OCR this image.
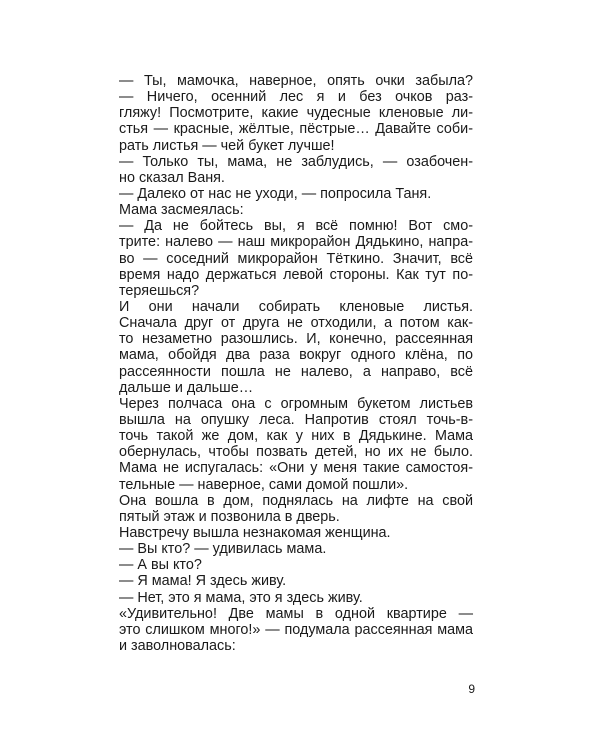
— Ты, мамочка, наверное, опять очки забыла?
— Ничего, осенний лес я и без очков раз-
гляжу! Посмотрите, какие чудесные кленовые ли-
стья — красные, жёлтые, пёстрые… Давайте соби-
рать листья — чей букет лучше!
— Только ты, мама, не заблудись, — озабочен-
но сказал Ваня.
— Далеко от нас не уходи, — попросила Таня.
Мама засмеялась:
— Да не бойтесь вы, я всё помню! Вот смо-
трите: налево — наш микрорайон Дядькино, напра-
во — соседний микрорайон Тёткино. Значит, всё
время надо держаться левой стороны. Как тут по-
теряешься?
И они начали собирать кленовые листья.
Сначала друг от друга не отходили, а потом как-
то незаметно разошлись. И, конечно, рассеянная
мама, обойдя два раза вокруг одного клёна, по
рассеянности пошла не налево, а направо, всё
дальше и дальше…
Через полчаса она с огромным букетом листьев
вышла на опушку леса. Напротив стоял точь-в-
точь такой же дом, как у них в Дядькине. Мама
обернулась, чтобы позвать детей, но их не было.
Мама не испугалась: «Они у меня такие самостоя-
тельные — наверное, сами домой пошли».
Она вошла в дом, поднялась на лифте на свой
пятый этаж и позвонила в дверь.
Навстречу вышла незнакомая женщина.
— Вы кто? — удивилась мама.
— А вы кто?
— Я мама! Я здесь живу.
— Нет, это я мама, это я здесь живу.
«Удивительно! Две мамы в одной квартире —
это слишком много!» — подумала рассеянная мама
и заволновалась:
9
